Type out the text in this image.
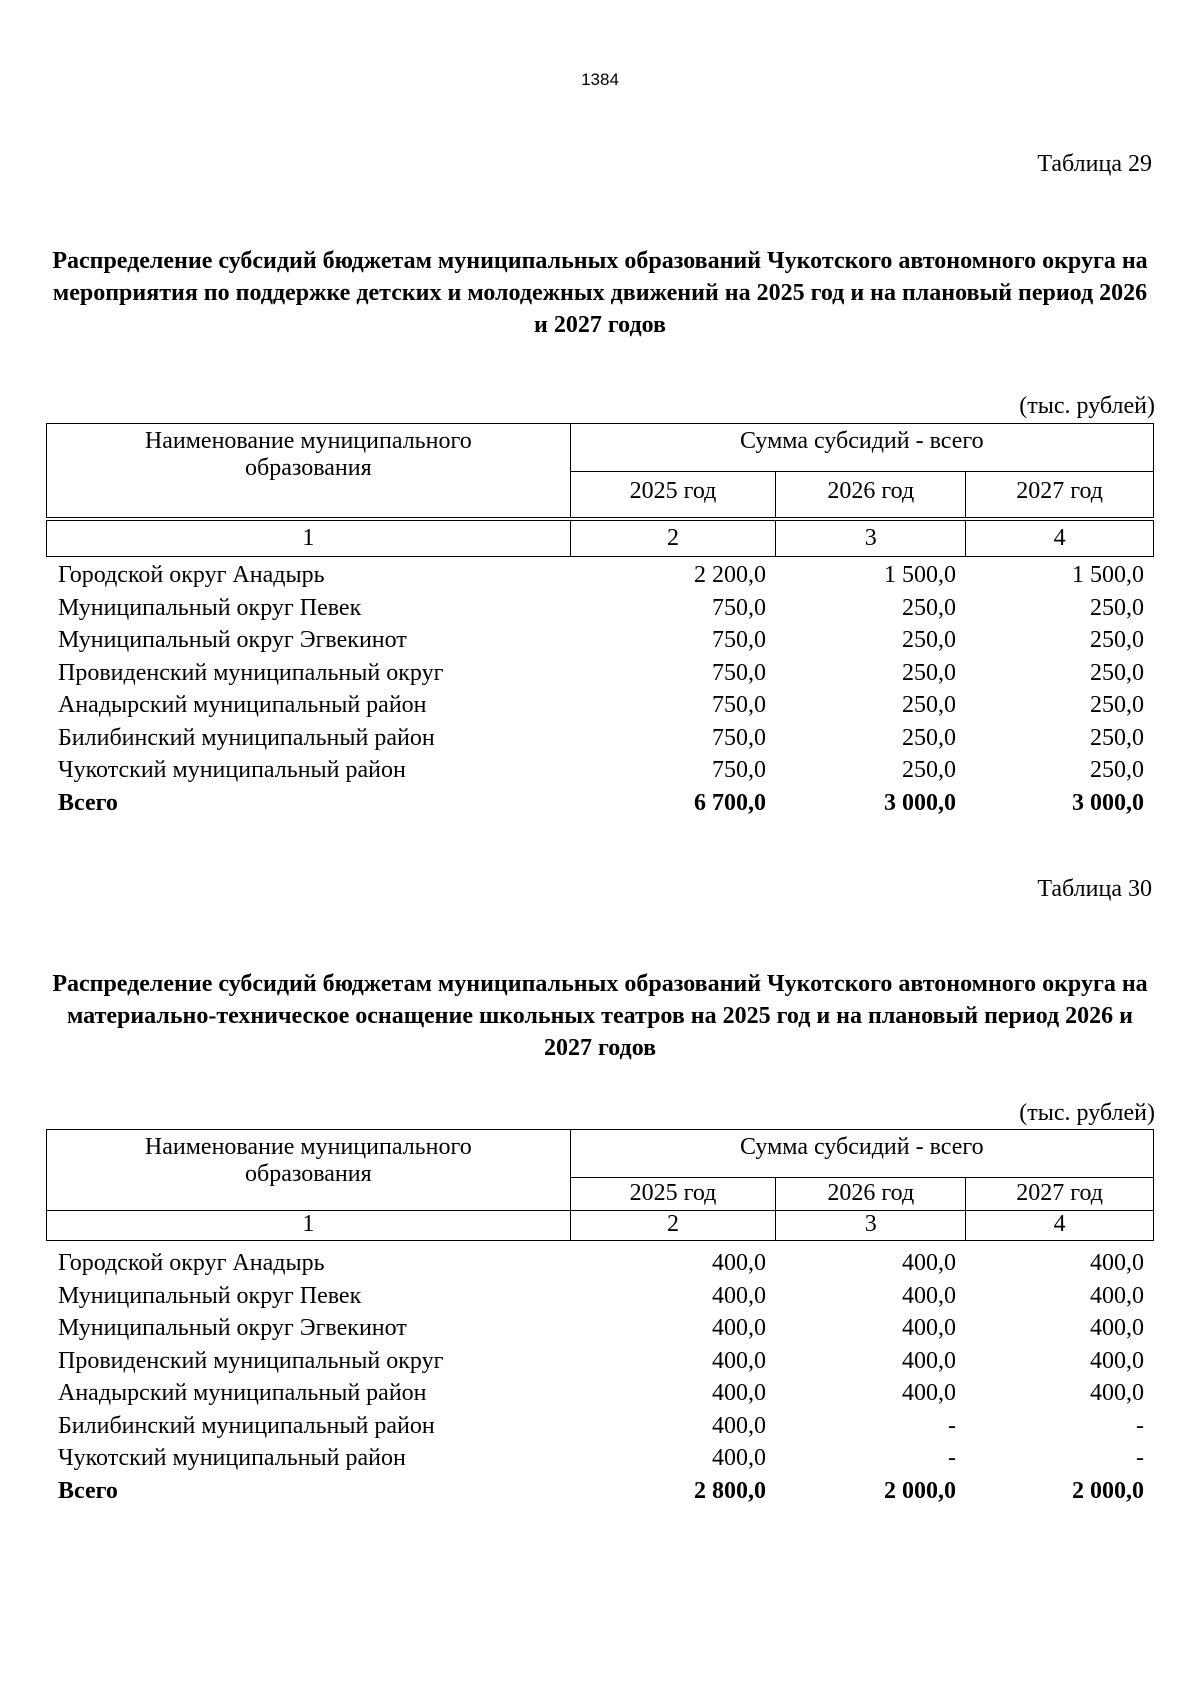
1384
Таблица 29
Распределение субсидий бюджетам муниципальных образований Чукотского автономного округа на мероприятия по поддержке детских и молодежных движений на 2025 год и на плановый период 2026 и 2027 годов
(тыс. рублей)
Наименование муниципального образования	Сумма субсидий - всего		
	2025 год	2026 год	2027 год

1	2	3	4
Городской округ Анадырь	2 200,0	1 500,0	1 500,0
Муниципальный округ Певек	750,0	250,0	250,0
Муниципальный округ Эгвекинот	750,0	250,0	250,0
Провиденский муниципальный округ	750,0	250,0	250,0
Анадырский муниципальный район	750,0	250,0	250,0
Билибинский муниципальный район	750,0	250,0	250,0
Чукотский муниципальный район	750,0	250,0	250,0
Всего	6 700,0	3 000,0	3 000,0
Таблица 30
Распределение субсидий бюджетам муниципальных образований Чукотского автономного округа на материально-техническое оснащение школьных театров на 2025 год и на плановый период 2026 и 2027 годов
(тыс. рублей)
Наименование муниципального образования	Сумма субсидий - всего		
	2025 год	2026 год	2027 год
1	2	3	4
Городской округ Анадырь	400,0	400,0	400,0
Муниципальный округ Певек	400,0	400,0	400,0
Муниципальный округ Эгвекинот	400,0	400,0	400,0
Провиденский муниципальный округ	400,0	400,0	400,0
Анадырский муниципальный район	400,0	400,0	400,0
Билибинский муниципальный район	400,0	-	-
Чукотский муниципальный район	400,0	-	-
Всего	2 800,0	2 000,0	2 000,0
